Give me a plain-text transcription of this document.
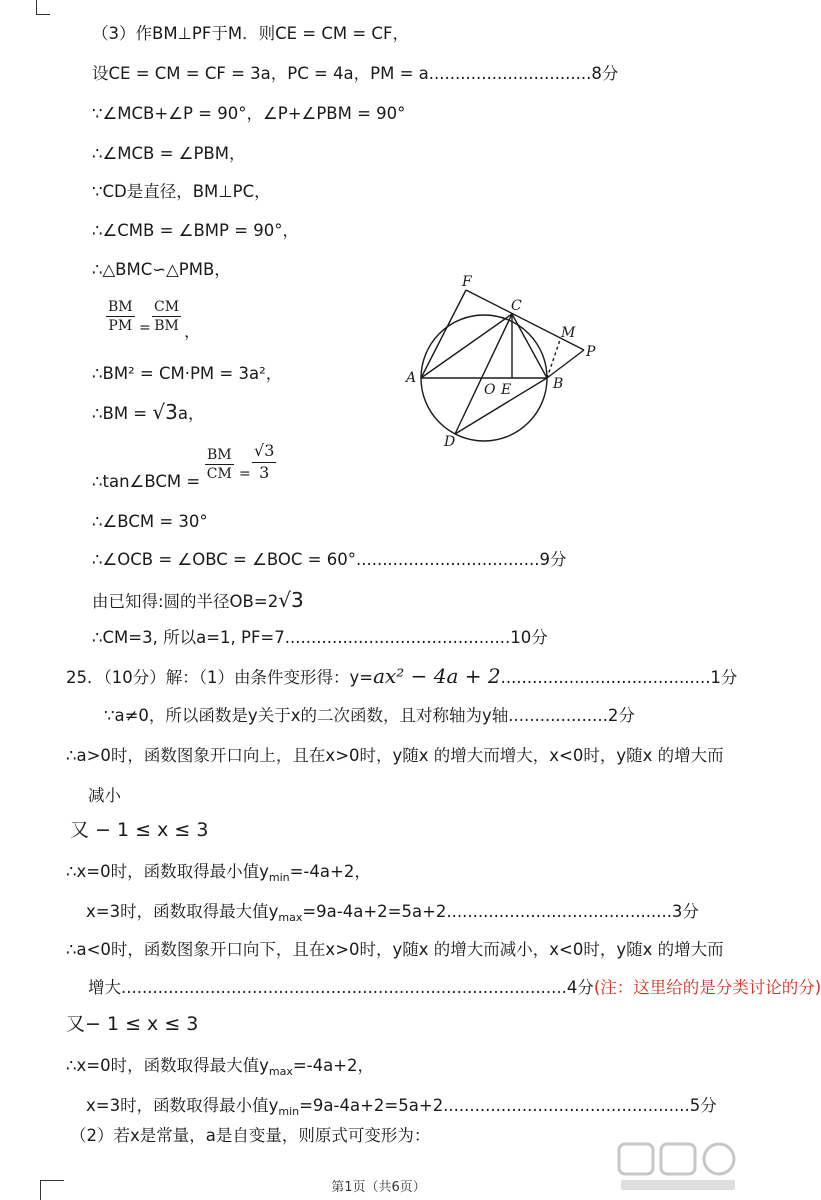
（3）作BM⊥PF于M．则CE = CM = CF，
设CE = CM = CF = 3a，PC = 4a，PM = a...............................8分
∵∠MCB+∠P = 90°，∠P+∠PBM = 90°
∴∠MCB = ∠PBM，
∵CD是直径，BM⊥PC，
∴∠CMB = ∠BMP = 90°，
∴△BMC∽△PMB，
$\frac{BM}{PM} = \frac{CM}{BM}$ ，
∴BM² = CM·PM = 3a²，
∴BM = √3a，
∴tan∠BCM = $\frac{BM}{CM} = \frac{√3}{3}$
∴∠BCM = 30°
∴∠OCB = ∠OBC = ∠BOC = 60°...................................9分
由已知得:圆的半径OB=2√3
∴CM=3, 所以a=1, PF=7...........................................10分
25．（10分）解：（1）由条件变形得：y=ax² − 4a + 2........................................1分
∵a≠0，所以函数是y关于x的二次函数，且对称轴为y轴...................2分
∴a>0时，函数图象开口向上，且在x>0时，y随x 的增大而增大，x<0时，y随x 的增大而
减小
又 − 1 ≤ x ≤ 3
∴x=0时，函数取得最小值$y_{min}=-4a+2$，
x=3时，函数取得最大值$y_{max}=9a-4a+2=5a+2...........................................3$分
∴a<0时，函数图象开口向下，且在x>0时，y随x 的增大而减小，x<0时，y随x 的增大而
增大.....................................................................................4分(注：这里给的是分类讨论的分)
又− 1 ≤ x ≤ 3
∴x=0时，函数取得最大值$y_{max}=-4a+2$，
x=3时，函数取得最小值$y_{min}=9a-4a+2=5a+2...............................................5$分
（2）若x是常量，a是自变量，则原式可变形为：
F
C
M
P
A
O E	B
D
第1页（共6页）
